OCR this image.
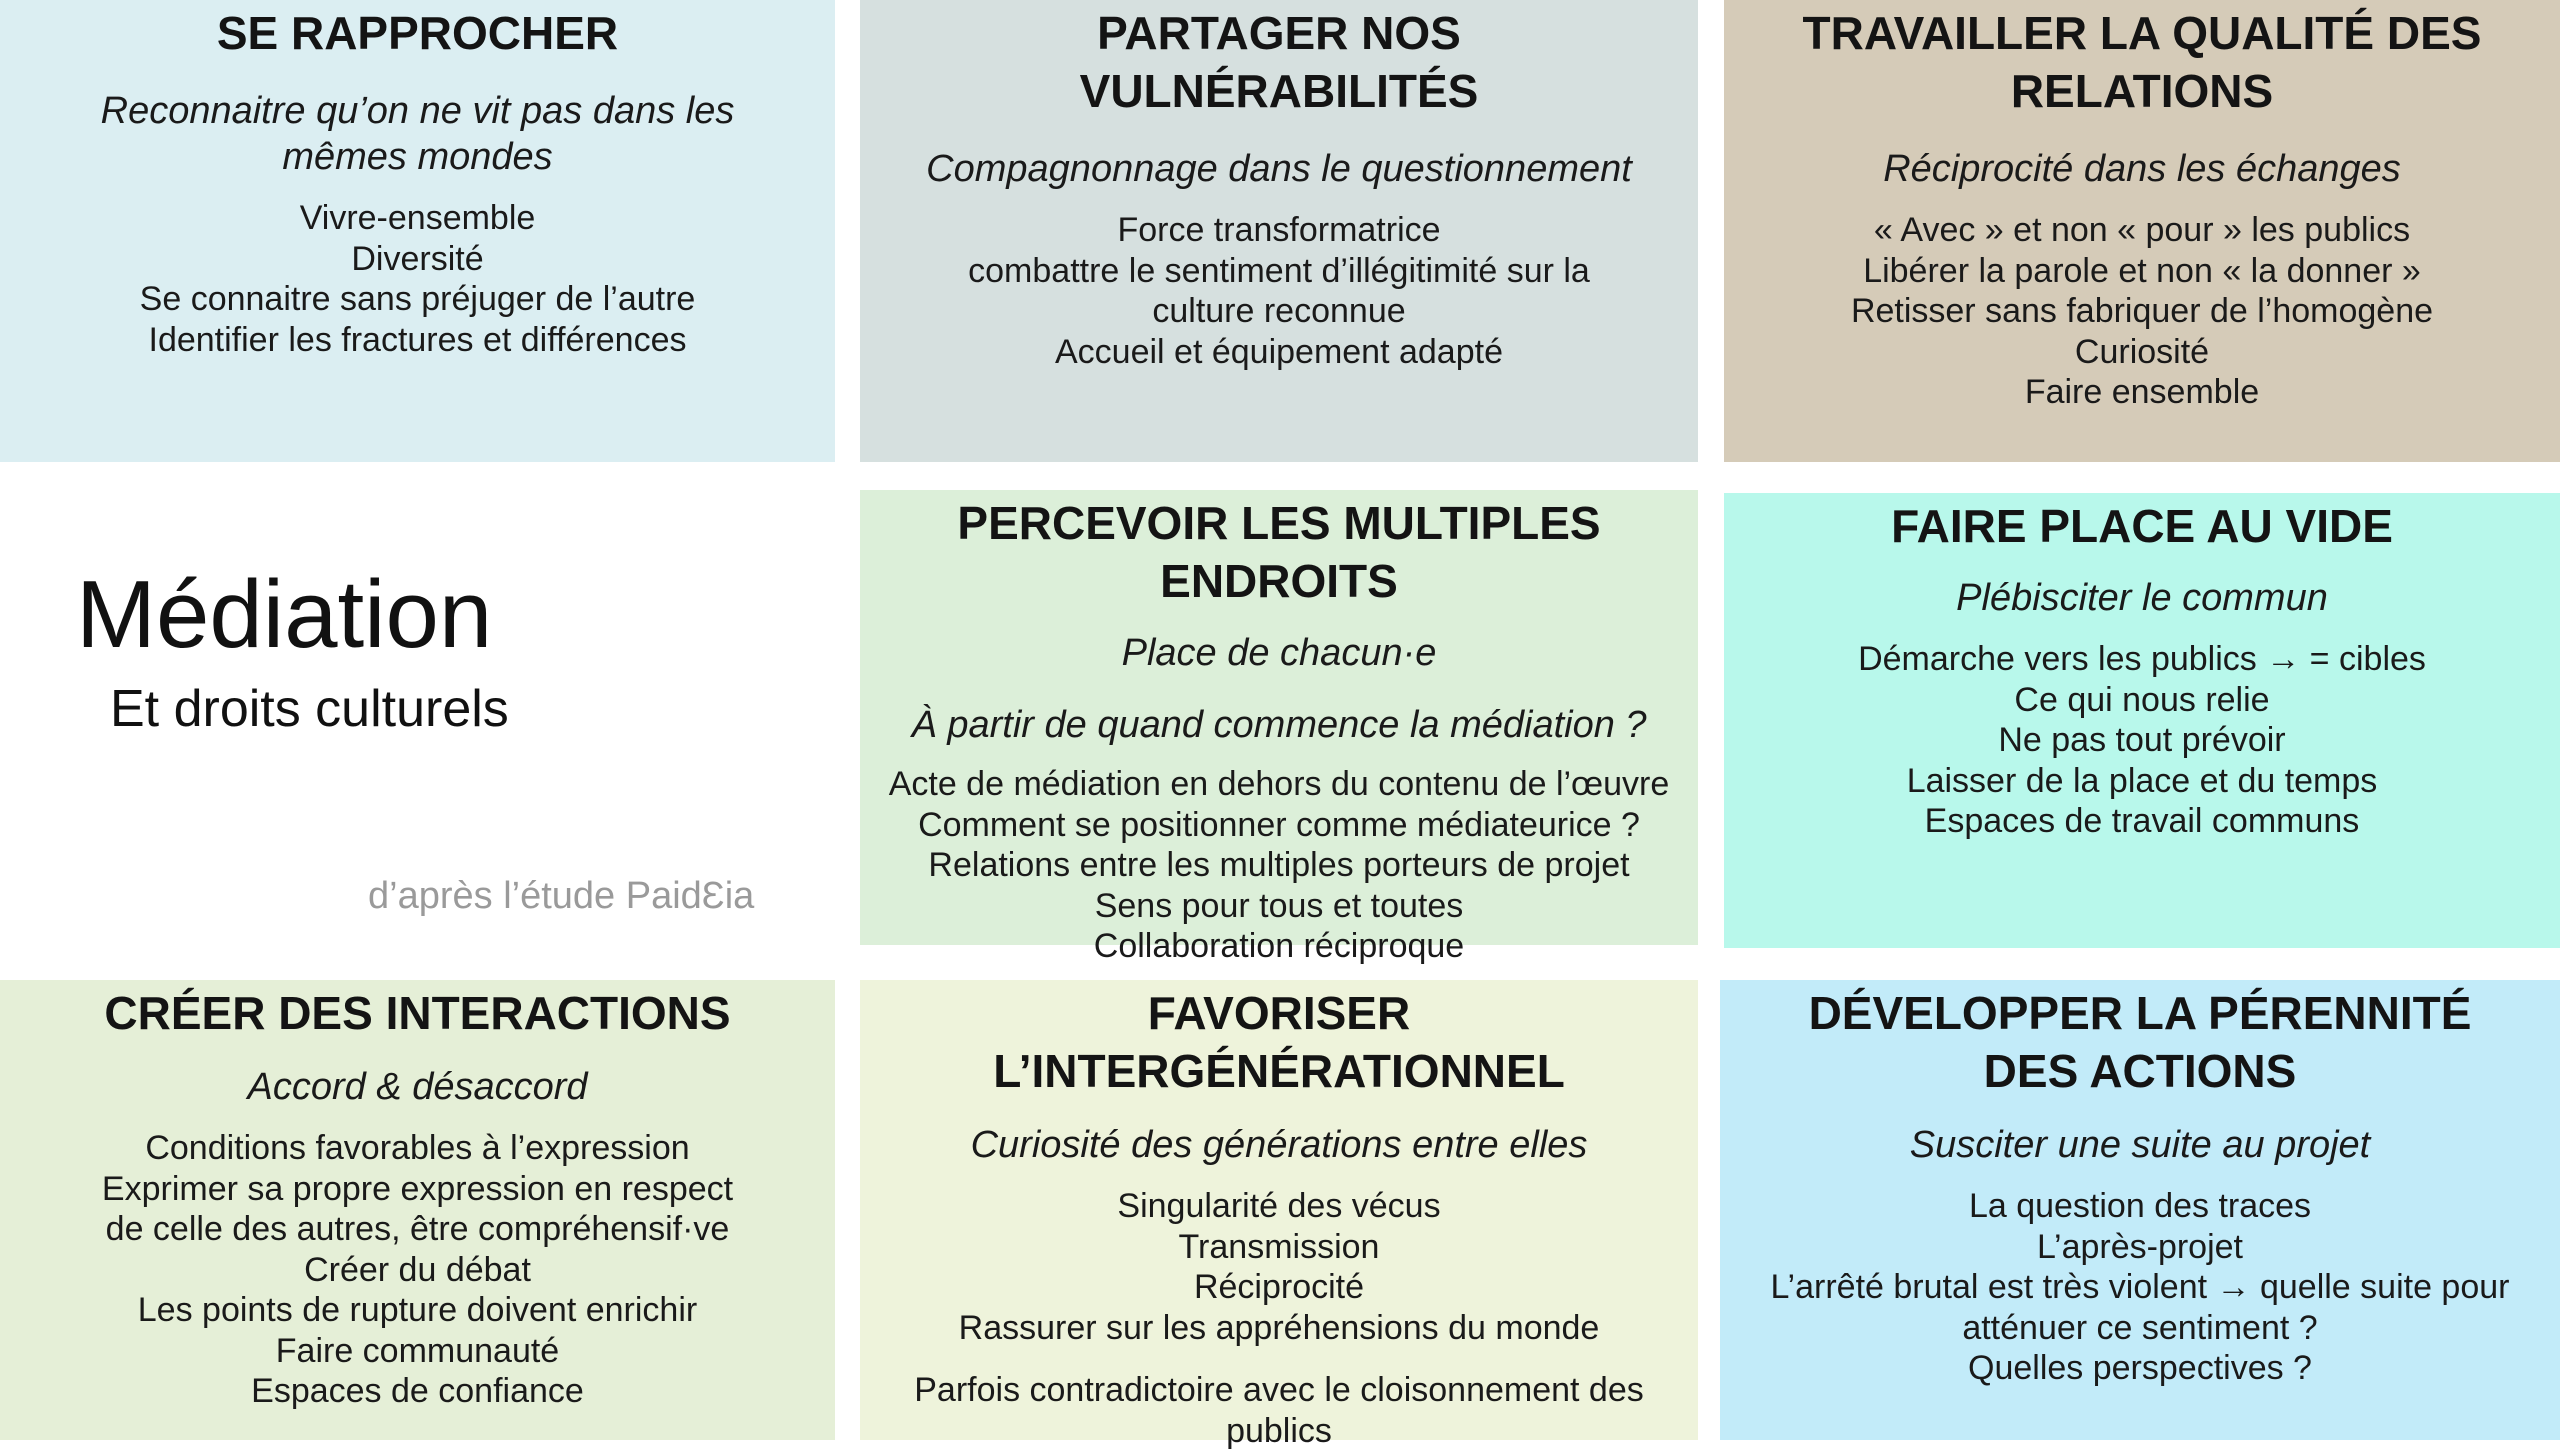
Médiation
Et droits culturels

d’après l’étude PaidƐia

SE RAPPROCHER

Reconnaitre qu’on ne vit pas dans les mêmes mondes

Vivre-ensemble
Diversité
Se connaitre sans préjuger de l’autre
Identifier les fractures et différences
PARTAGER NOS VULNÉRABILITÉS

Compagnonnage dans le questionnement

Force transformatrice
combattre le sentiment d’illégitimité sur la culture reconnue
Accueil et équipement adapté
TRAVAILLER LA QUALITÉ DES RELATIONS

Réciprocité dans les échanges

« Avec » et non « pour » les publics
Libérer la parole et non « la donner »
Retisser sans fabriquer de l’homogène
Curiosité
Faire ensemble
PERCEVOIR LES MULTIPLES ENDROITS

Place de chacun·e

À partir de quand commence la médiation ?

Acte de médiation en dehors du contenu de l’œuvre
Comment se positionner comme médiateurice ?
Relations entre les multiples porteurs de projet
Sens pour tous et toutes
Collaboration réciproque
FAIRE PLACE AU VIDE

Plébisciter le commun

Démarche vers les publics → = cibles
Ce qui nous relie
Ne pas tout prévoir
Laisser de la place et du temps
Espaces de travail communs
CRÉER DES INTERACTIONS

Accord & désaccord

Conditions favorables à l’expression
Exprimer sa propre expression en respect de celle des autres, être compréhensif·ve
Créer du débat
Les points de rupture doivent enrichir
Faire communauté
Espaces de confiance
FAVORISER L’INTERGÉNÉRATIONNEL

Curiosité des générations entre elles

Singularité des vécus
Transmission
Réciprocité
Rassurer sur les appréhensions du monde

Parfois contradictoire avec le cloisonnement des publics

DÉVELOPPER LA PÉRENNITÉ DES ACTIONS

Susciter une suite au projet

La question des traces
L’après-projet
L’arrêté brutal est très violent → quelle suite pour atténuer ce sentiment ?
Quelles perspectives ?
